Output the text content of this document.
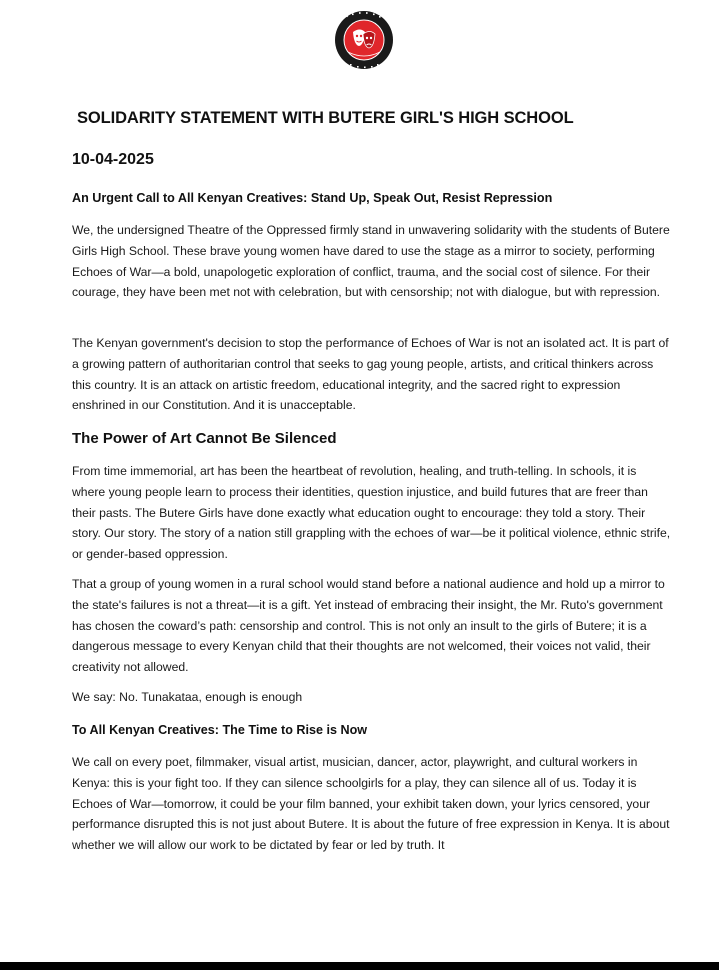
SOLIDARITY STATEMENT WITH BUTERE GIRL'S HIGH SCHOOL

10-04-2025

An Urgent Call to All Kenyan Creatives: Stand Up, Speak Out, Resist Repression

We, the undersigned Theatre of the Oppressed firmly stand in unwavering solidarity with the students of Butere Girls High School. These brave young women have dared to use the stage as a mirror to society, performing Echoes of War—a bold, unapologetic exploration of conflict, trauma, and the social cost of silence. For their courage, they have been met not with celebration, but with censorship; not with dialogue, but with repression.

The Kenyan government's decision to stop the performance of Echoes of War is not an isolated act. It is part of a growing pattern of authoritarian control that seeks to gag young people, artists, and critical thinkers across this country. It is an attack on artistic freedom, educational integrity, and the sacred right to expression enshrined in our Constitution. And it is unacceptable.

The Power of Art Cannot Be Silenced

From time immemorial, art has been the heartbeat of revolution, healing, and truth-telling. In schools, it is where young people learn to process their identities, question injustice, and build futures that are freer than their pasts. The Butere Girls have done exactly what education ought to encourage: they told a story. Their story. Our story. The story of a nation still grappling with the echoes of war—be it political violence, ethnic strife, or gender-based oppression.

That a group of young women in a rural school would stand before a national audience and hold up a mirror to the state's failures is not a threat—it is a gift. Yet instead of embracing their insight, the Mr. Ruto's government has chosen the coward’s path: censorship and control. This is not only an insult to the girls of Butere; it is a dangerous message to every Kenyan child that their thoughts are not welcomed, their voices not valid, their creativity not allowed.

We say: No. Tunakataa, enough is enough

To All Kenyan Creatives: The Time to Rise is Now

We call on every poet, filmmaker, visual artist, musician, dancer, actor, playwright, and cultural workers in Kenya: this is your fight too. If they can silence schoolgirls for a play, they can silence all of us. Today it is Echoes of War—tomorrow, it could be your film banned, your exhibit taken down, your lyrics censored, your performance disrupted this is not just about Butere. It is about the future of free expression in Kenya. It is about whether we will allow our work to be dictated by fear or led by truth. It
